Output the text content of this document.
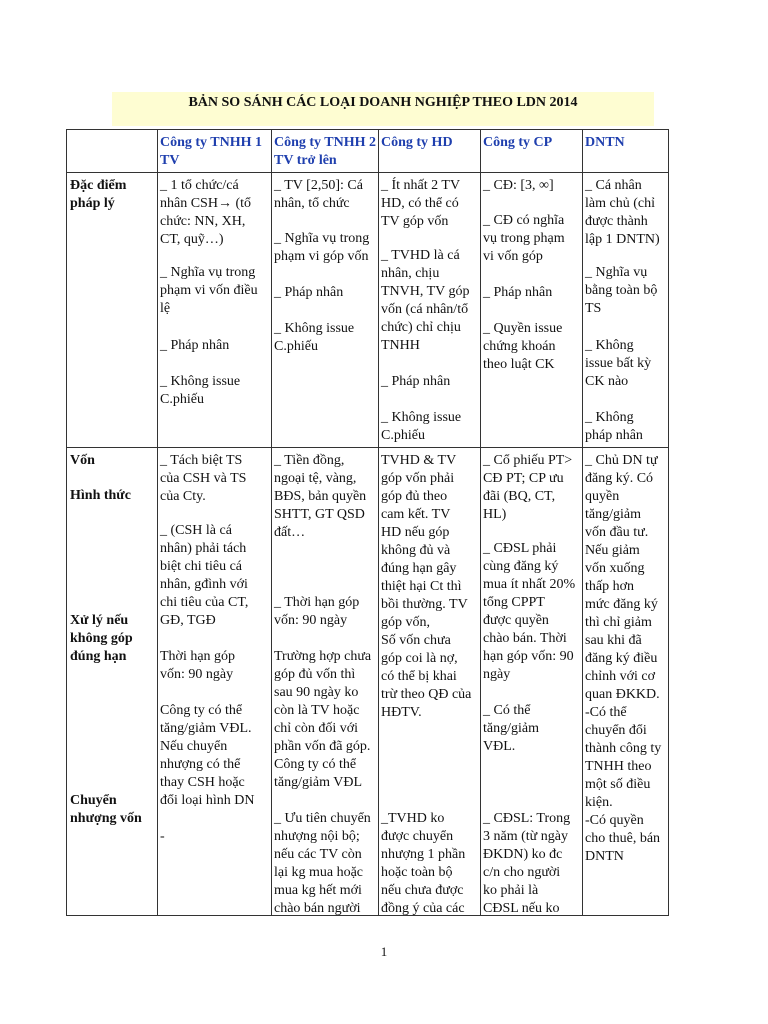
BẢN SO SÁNH CÁC LOẠI DOANH NGHIỆP THEO LDN 2014
Công ty TNHH 1 TV
Công ty TNHH 2 TV trở lên
Công ty HD	Công ty CP	DNTN
Đặc điểm
pháp lý
_ 1 tổ chức/cá
nhân CSH→ (tổ
chức: NN, XH,
CT, quỹ…)
_ Nghĩa vụ trong
phạm vi vốn điều
lệ
_ Pháp nhân
_ Không issue
C.phiếu
_ TV [2,50]: Cá
nhân, tổ chức
_ Nghĩa vụ trong
phạm vi góp vốn
_ Pháp nhân
_ Không issue
C.phiếu
_ Ít nhất 2 TV
HD, có thể có
TV góp vốn
_ TVHD là cá
nhân, chịu
TNVH, TV góp
vốn (cá nhân/tổ
chức) chỉ chịu
TNHH
_ Pháp nhân
_ Không issue
C.phiếu
_ CĐ: [3, ∞]
_ CĐ có nghĩa
vụ trong phạm
vi vốn góp
_ Pháp nhân
_ Quyền issue
chứng khoán
theo luật CK
_ Cá nhân
làm chủ (chỉ
được thành
lập 1 DNTN)
_ Nghĩa vụ
bằng toàn bộ
TS
_ Không
issue bất kỳ
CK nào
_ Không
pháp nhân
Vốn
Hình thức
Xử lý nếu
không góp
đúng hạn
Chuyển
nhượng vốn
_ Tách biệt TS
của CSH và TS
của Cty.
_ (CSH là cá
nhân) phải tách
biệt chi tiêu cá
nhân, gđình với
chi tiêu của CT,
GĐ, TGĐ
Thời hạn góp
vốn: 90 ngày
Công ty có thể
tăng/giảm VĐL.
Nếu chuyển
nhượng có thể
thay CSH hoặc
đổi loại hình DN
-
_ Tiền đồng,
ngoại tệ, vàng,
BĐS, bản quyền
SHTT, GT QSD
đất…
_ Thời hạn góp
vốn: 90 ngày
Trường hợp chưa
góp đủ vốn thì
sau 90 ngày ko
còn là TV hoặc
chỉ còn đối với
phần vốn đã góp.
Công ty có thể
tăng/giảm VĐL
_ Ưu tiên chuyển
nhượng nội bộ;
nếu các TV còn
lại kg mua hoặc
mua kg hết mới
chào bán người
TVHD & TV
góp vốn phải
góp đủ theo
cam kết. TV
HD nếu góp
không đủ và
đúng hạn gây
thiệt hại Ct thì
bồi thường. TV
góp vốn,
Số vốn chưa
góp coi là nợ,
có thể bị khai
trừ theo QĐ của
HĐTV.
_TVHD ko
được chuyển
nhượng 1 phần
hoặc toàn bộ
nếu chưa được
đồng ý của các
_ Cổ phiếu PT>
CĐ PT; CP ưu
đãi (BQ, CT,
HL)
_ CĐSL phải
cùng đăng ký
mua ít nhất 20%
tổng CPPT
được quyền
chào bán. Thời
hạn góp vốn: 90
ngày
_ Có thể
tăng/giảm
VĐL.
_ CĐSL: Trong
3 năm (từ ngày
ĐKDN) ko đc
c/n cho người
ko phải là
CĐSL nếu ko
_ Chủ DN tự
đăng ký. Có
quyền
tăng/giảm
vốn đầu tư.
Nếu giảm
vốn xuống
thấp hơn
mức đăng ký
thì chỉ giảm
sau khi đã
đăng ký điều
chỉnh với cơ
quan ĐKKD.
-Có thể
chuyển đổi
thành công ty
TNHH theo
một số điều
kiện.
-Có quyền
cho thuê, bán
DNTN
1
